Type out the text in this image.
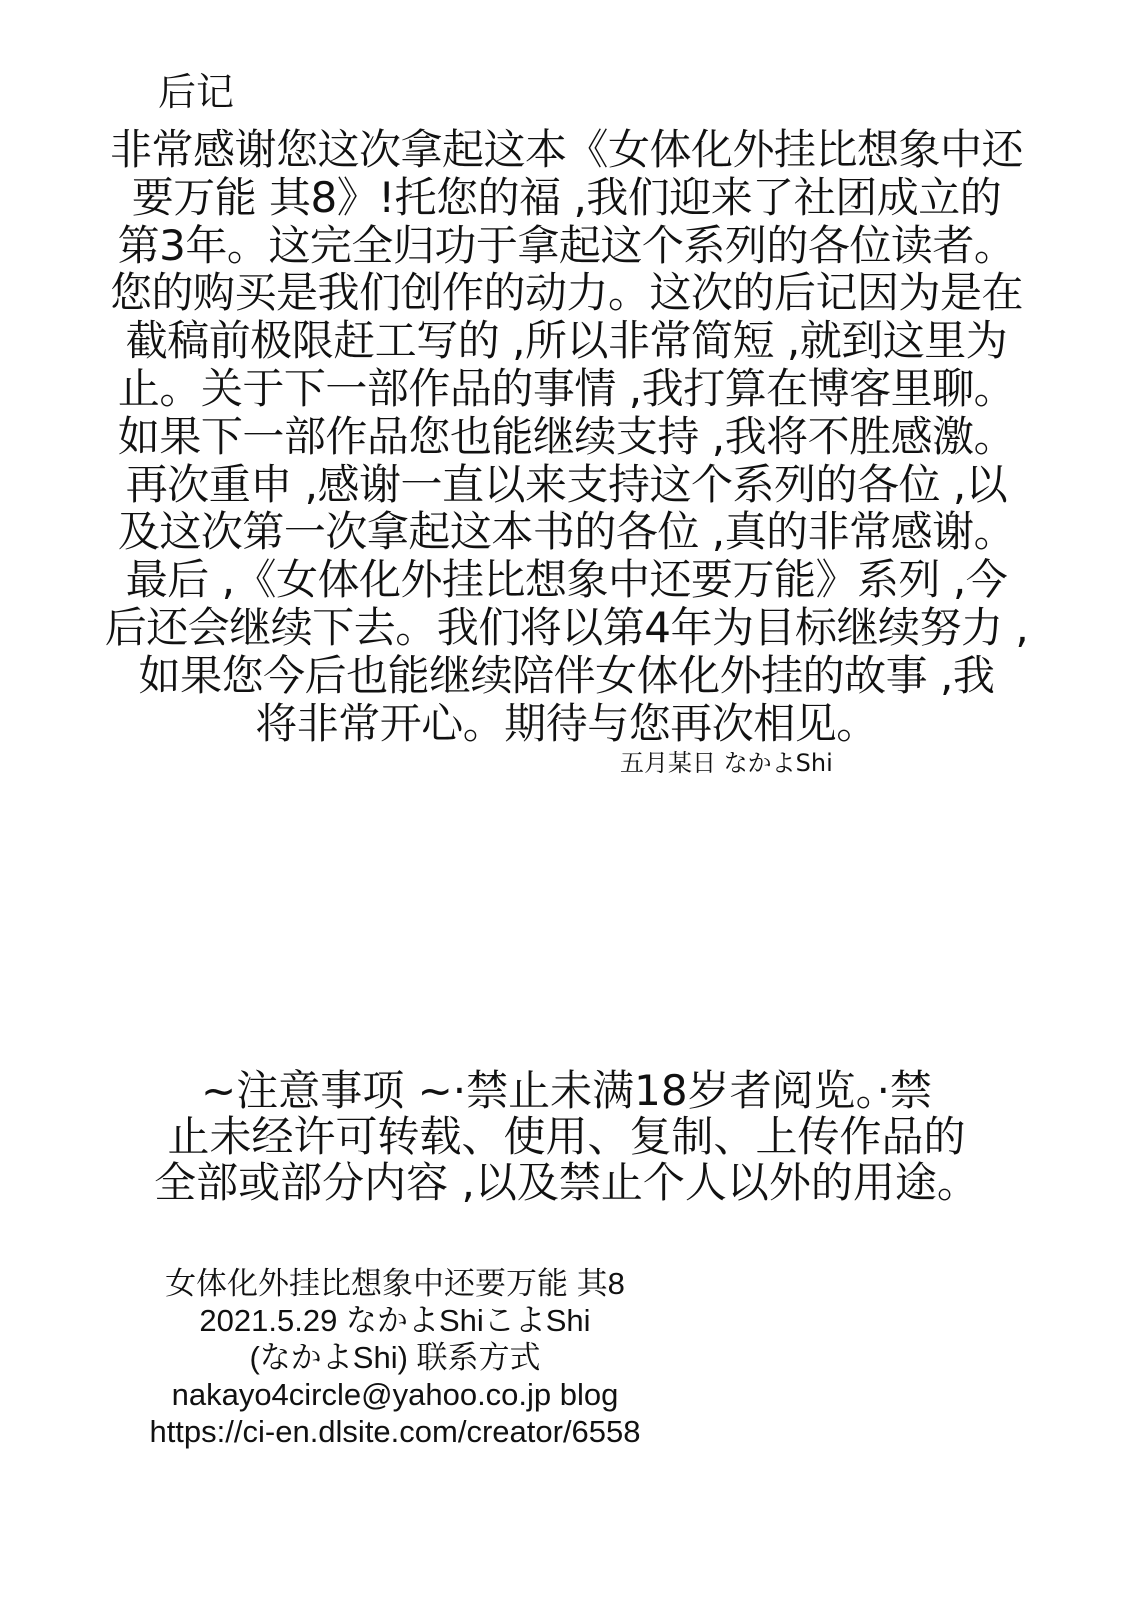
后记
非常感谢您这次拿起这本《女体化外挂比想象中还
要万能 其8》!托您的福 ,我们迎来了社团成立的
第3年。这完全归功于拿起这个系列的各位读者。
您的购买是我们创作的动力。这次的后记因为是在
截稿前极限赶工写的 ,所以非常简短 ,就到这里为
止。关于下一部作品的事情 ,我打算在博客里聊。
如果下一部作品您也能继续支持 ,我将不胜感激。
再次重申 ,感谢一直以来支持这个系列的各位 ,以
及这次第一次拿起这本书的各位 ,真的非常感谢。
最后 ,《女体化外挂比想象中还要万能》系列 ,今
后还会继续下去。我们将以第4年为目标继续努力 ,
如果您今后也能继续陪伴女体化外挂的故事 ,我
将非常开心。期待与您再次相见。
五月某日 なかよShi
~注意事项 ~·禁止未满18岁者阅览。·禁
止未经许可转载、使用、复制、上传作品的
全部或部分内容 ,以及禁止个人以外的用途。
女体化外挂比想象中还要万能 其8
2021.5.29 なかよShiこよShi
(なかよShi) 联系方式
nakayo4circle@yahoo.co.jp blog
https://ci-en.dlsite.com/creator/6558
